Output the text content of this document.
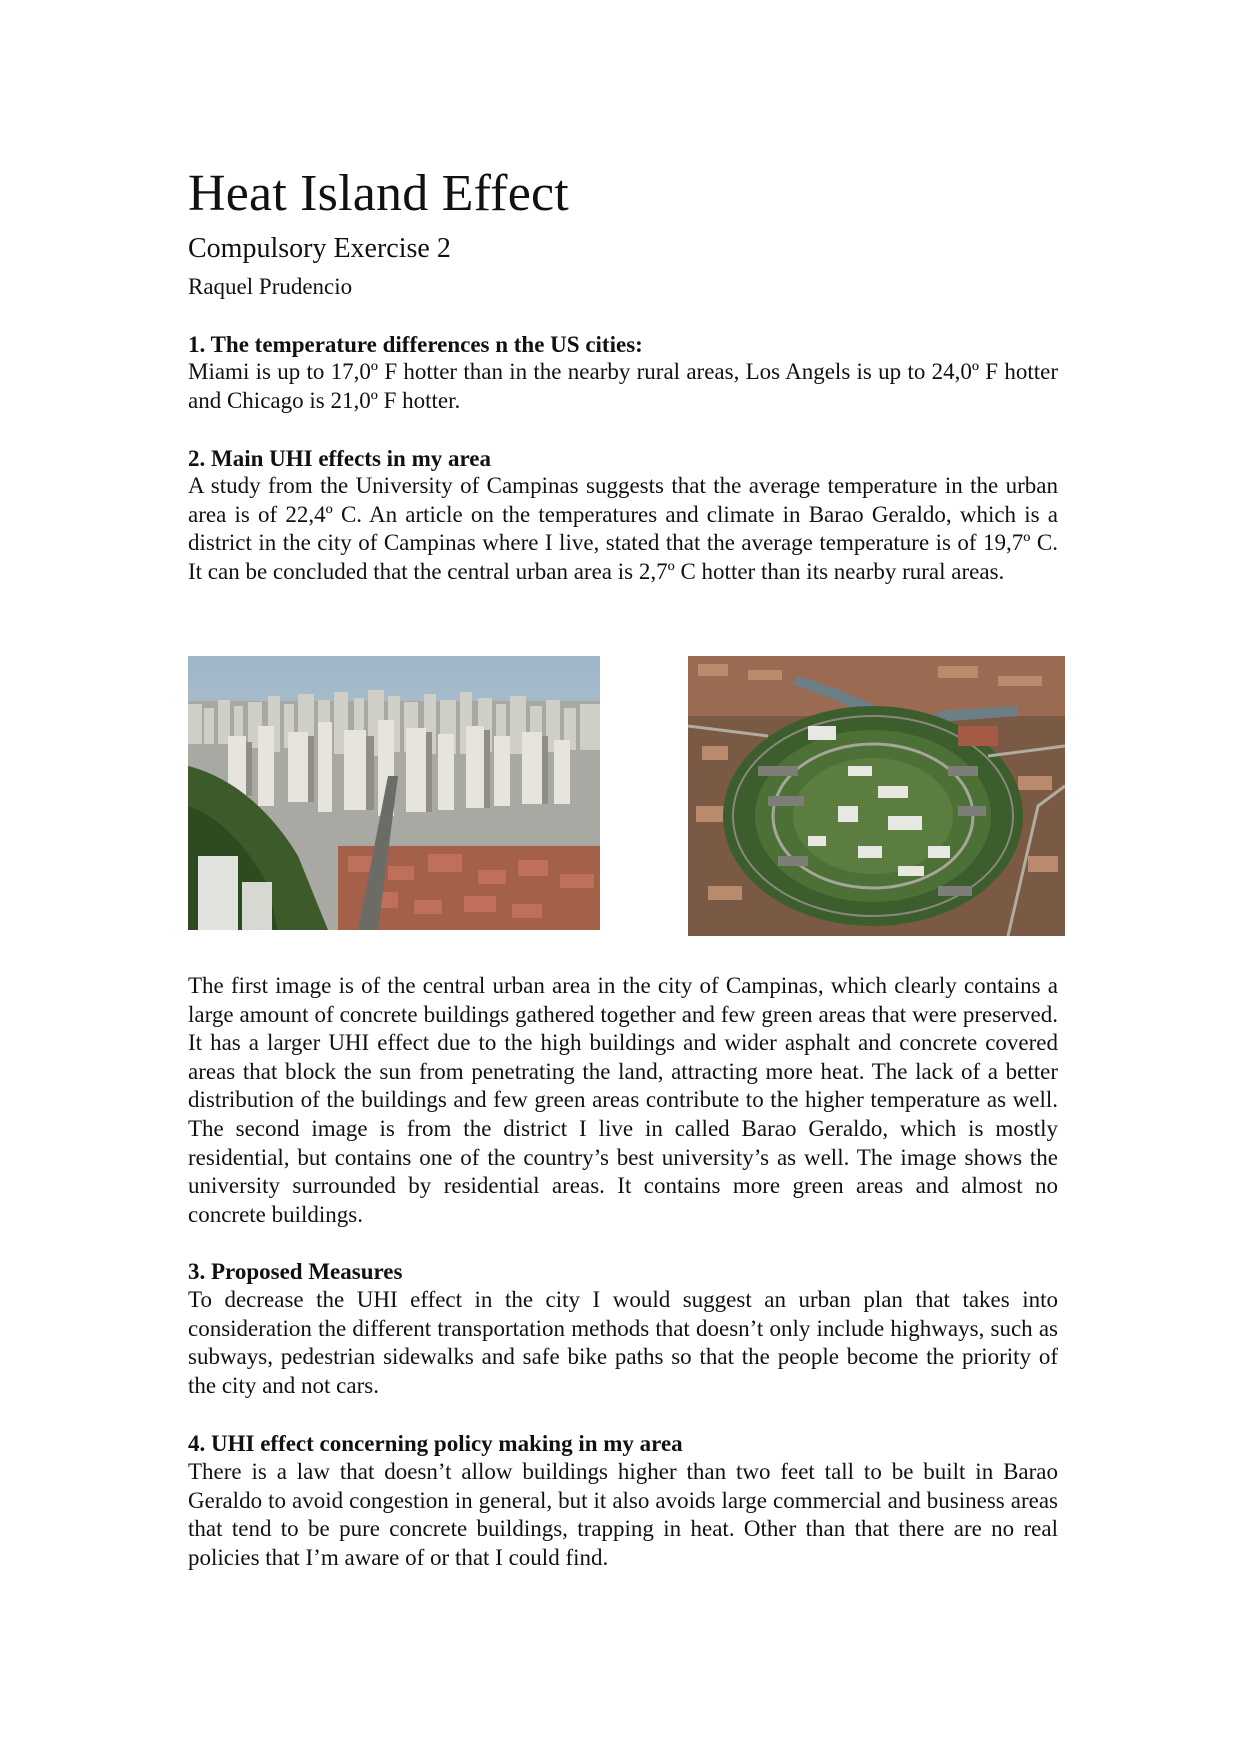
Heat Island Effect
Compulsory Exercise 2
Raquel Prudencio
1. The temperature differences n the US cities:

Miami is up to 17,0º F hotter than in the nearby rural areas, Los Angels is up to 24,0º F hotter and Chicago is 21,0º F hotter.

2. Main UHI effects in my area

A study from the University of Campinas suggests that the average temperature in the urban area is of 22,4º C. An article on the temperatures and climate in Barao Geraldo, which is a district in the city of Campinas where I live, stated that the average temperature is of 19,7º C. It can be concluded that the central urban area is 2,7º C hotter than its nearby rural areas.

The first image is of the central urban area in the city of Campinas, which clearly contains a large amount of concrete buildings gathered together and few green areas that were preserved. It has a larger UHI effect due to the high buildings and wider asphalt and concrete covered areas that block the sun from penetrating the land, attracting more heat. The lack of a better distribution of the buildings and few green areas contribute to the higher temperature as well. The second image is from the district I live in called Barao Geraldo, which is mostly residential, but contains one of the country’s best university’s as well. The image shows the university surrounded by residential areas. It contains more green areas and almost no concrete buildings.

3. Proposed Measures

To decrease the UHI effect in the city I would suggest an urban plan that takes into consideration the different transportation methods that doesn’t only include highways, such as subways, pedestrian sidewalks and safe bike paths so that the people become the priority of the city and not cars.

4. UHI effect concerning policy making in my area

There is a law that doesn’t allow buildings higher than two feet tall to be built in Barao Geraldo to avoid congestion in general, but it also avoids large commercial and business areas that tend to be pure concrete buildings, trapping in heat. Other than that there are no real policies that I’m aware of or that I could find.
